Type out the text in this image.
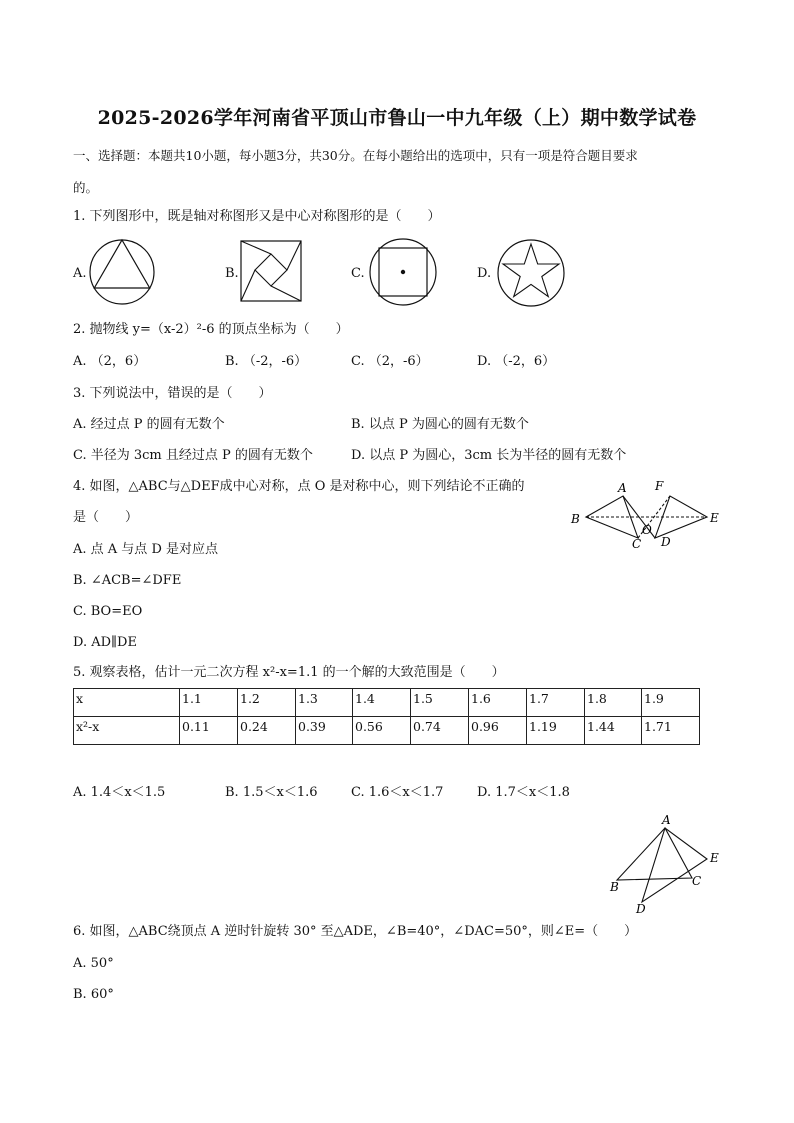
2025-2026学年河南省平顶山市鲁山一中九年级（上）期中数学试卷
一、选择题：本题共10小题，每小题3分，共30分。在每小题给出的选项中，只有一项是符合题目要求
的。
1. 下列图形中，既是轴对称图形又是中心对称图形的是（　　）
A.	B.	C.	D.
2. 抛物线 y=（x-2）²-6 的顶点坐标为（　　）
A. （2，6）	B. （-2，-6）	C. （2，-6）	D. （-2，6）
3. 下列说法中，错误的是（　　）
A. 经过点 P 的圆有无数个	B. 以点 P 为圆心的圆有无数个
C. 半径为 3cm 且经过点 P 的圆有无数个	D. 以点 P 为圆心，3cm 长为半径的圆有无数个
4. 如图，△ABC与△DEF成中心对称，点 O 是对称中心，则下列结论不正确的
是（　　）
A. 点 A 与点 D 是对应点
B. ∠ACB=∠DFE
C. BO=EO
D. AD∥DE
A F
B
O
E
C D
5. 观察表格，估计一元二次方程 x²-x=1.1 的一个解的大致范围是（　　）
x	1.1	1.2	1.3	1.4	1.5	1.6	1.7	1.8	1.9
x²-x	0.11	0.24	0.39	0.56	0.74	0.96	1.19	1.44	1.71
A. 1.4＜x＜1.5	B. 1.5＜x＜1.6	C. 1.6＜x＜1.7	D. 1.7＜x＜1.8
A
E
B	C
D
6. 如图，△ABC绕顶点 A 逆时针旋转 30° 至△ADE，∠B=40°，∠DAC=50°，则∠E=（　　）
A. 50°
B. 60°
